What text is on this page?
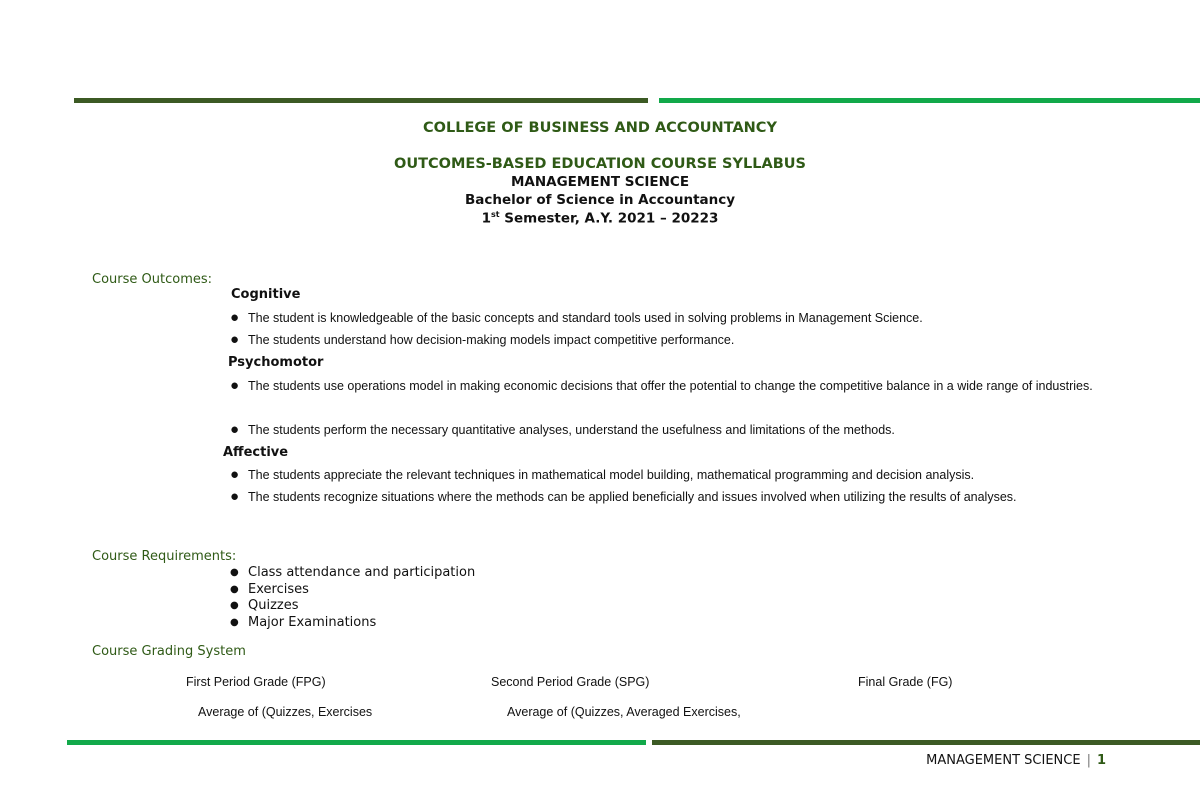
COLLEGE OF BUSINESS AND ACCOUNTANCY
OUTCOMES-BASED EDUCATION COURSE SYLLABUS
MANAGEMENT SCIENCE
Bachelor of Science in Accountancy
1st Semester, A.Y. 2021 – 20223
Course Outcomes:
Cognitive
● The student is knowledgeable of the basic concepts and standard tools used in solving problems in Management Science.
● The students understand how decision-making models impact competitive performance.
Psychomotor
● The students use operations model in making economic decisions that offer the potential to change the competitive balance in a wide range of industries.
● The students perform the necessary quantitative analyses, understand the usefulness and limitations of the methods.
Affective
● The students appreciate the relevant techniques in mathematical model building, mathematical programming and decision analysis.
● The students recognize situations where the methods can be applied beneficially and issues involved when utilizing the results of analyses.
Course Requirements:
● Class attendance and participation
● Exercises
● Quizzes
● Major Examinations
Course Grading System
First Period Grade (FPG)	Second Period Grade (SPG)	Final Grade (FG)
Average of (Quizzes, Exercises	Average of (Quizzes, Averaged Exercises,
MANAGEMENT SCIENCE | 1
